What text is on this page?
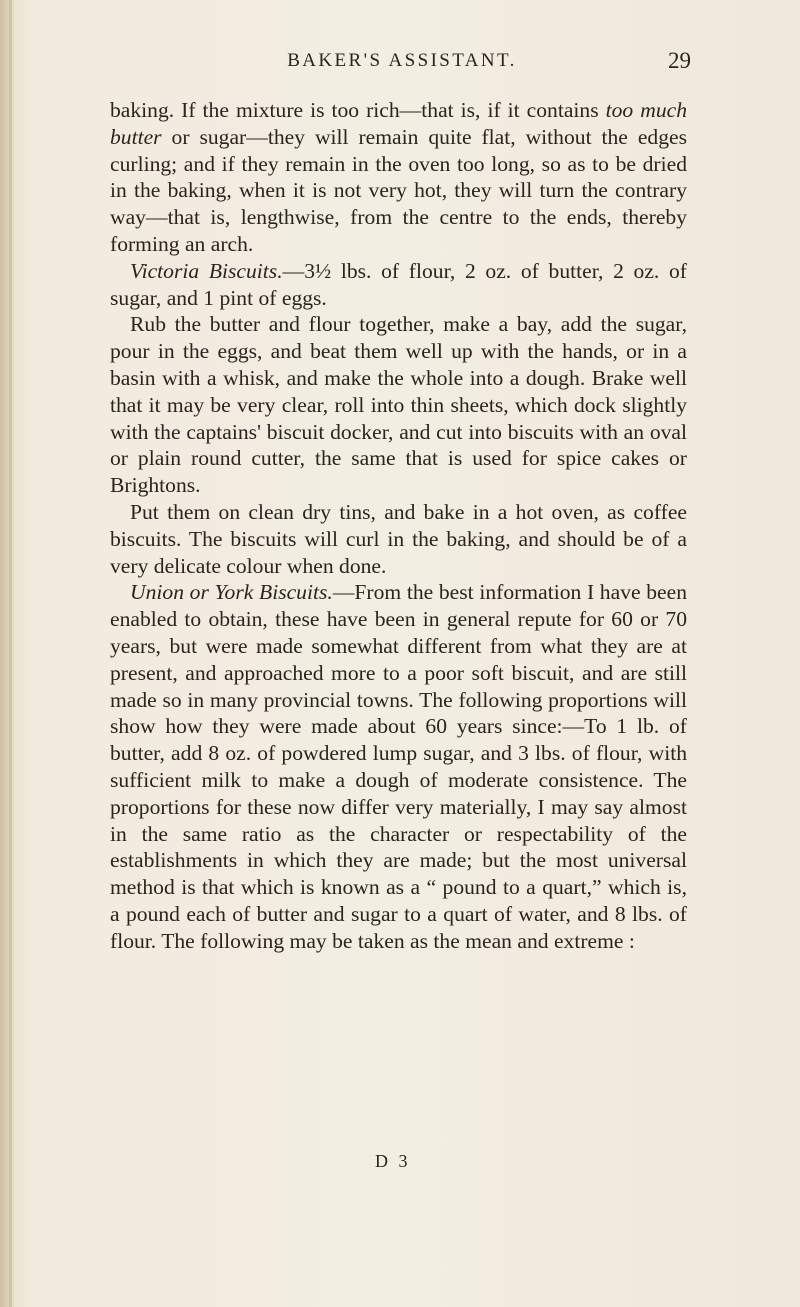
BAKER'S ASSISTANT.	29

baking. If the mixture is too rich—that is, if it contains too much butter or sugar—they will remain quite flat, without the edges curling; and if they remain in the oven too long, so as to be dried in the baking, when it is not very hot, they will turn the contrary way—that is, lengthwise, from the centre to the ends, thereby forming an arch.

Victoria Biscuits.—3½ lbs. of flour, 2 oz. of butter, 2 oz. of sugar, and 1 pint of eggs.

Rub the butter and flour together, make a bay, add the sugar, pour in the eggs, and beat them well up with the hands, or in a basin with a whisk, and make the whole into a dough. Brake well that it may be very clear, roll into thin sheets, which dock slightly with the captains' biscuit docker, and cut into biscuits with an oval or plain round cutter, the same that is used for spice cakes or Brightons.

Put them on clean dry tins, and bake in a hot oven, as coffee biscuits. The biscuits will curl in the baking, and should be of a very delicate colour when done.

Union or York Biscuits.—From the best information I have been enabled to obtain, these have been in general repute for 60 or 70 years, but were made somewhat different from what they are at present, and approached more to a poor soft biscuit, and are still made so in many provincial towns. The following proportions will show how they were made about 60 years since:—To 1 lb. of butter, add 8 oz. of powdered lump sugar, and 3 lbs. of flour, with sufficient milk to make a dough of moderate consistence. The proportions for these now differ very materially, I may say almost in the same ratio as the character or respectability of the establishments in which they are made; but the most universal method is that which is known as a “ pound to a quart,” which is, a pound each of butter and sugar to a quart of water, and 8 lbs. of flour. The following may be taken as the mean and extreme :

D 3
